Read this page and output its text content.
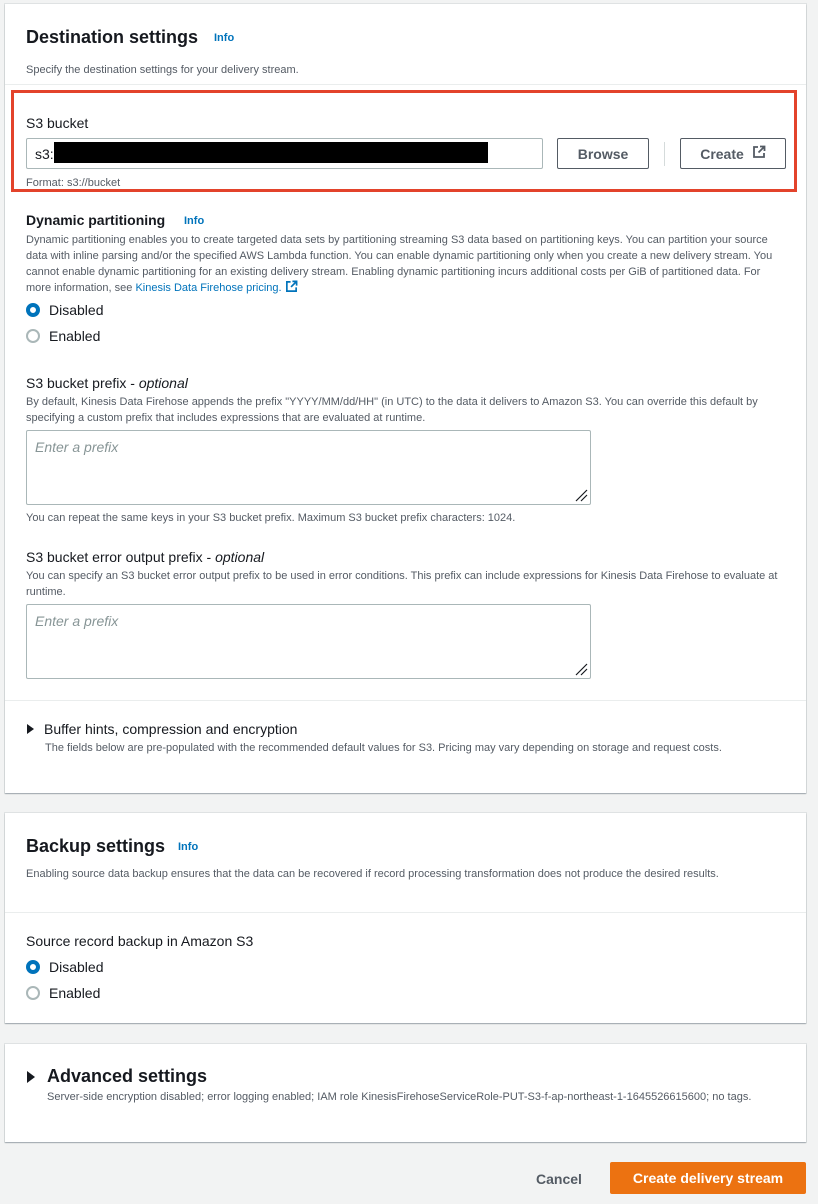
Destination settings Info
Specify the destination settings for your delivery stream.
S3 bucket
s3:	Browse	Create
Format: s3://bucket
Dynamic partitioning Info
Dynamic partitioning enables you to create targeted data sets by partitioning streaming S3 data based on partitioning keys. You can partition your source data with inline parsing and/or the specified AWS Lambda function. You can enable dynamic partitioning only when you create a new delivery stream. You cannot enable dynamic partitioning for an existing delivery stream. Enabling dynamic partitioning incurs additional costs per GiB of partitioned data. For more information, see Kinesis Data Firehose pricing.
Disabled
Enabled
S3 bucket prefix - optional
By default, Kinesis Data Firehose appends the prefix "YYYY/MM/dd/HH" (in UTC) to the data it delivers to Amazon S3. You can override this default by specifying a custom prefix that includes expressions that are evaluated at runtime.
Enter a prefix
You can repeat the same keys in your S3 bucket prefix. Maximum S3 bucket prefix characters: 1024.
S3 bucket error output prefix - optional
You can specify an S3 bucket error output prefix to be used in error conditions. This prefix can include expressions for Kinesis Data Firehose to evaluate at runtime.
Enter a prefix
Buffer hints, compression and encryption
The fields below are pre-populated with the recommended default values for S3. Pricing may vary depending on storage and request costs.
Backup settings Info
Enabling source data backup ensures that the data can be recovered if record processing transformation does not produce the desired results.
Source record backup in Amazon S3
Disabled
Enabled
Advanced settings
Server-side encryption disabled; error logging enabled; IAM role KinesisFirehoseServiceRole-PUT-S3-f-ap-northeast-1-1645526615600; no tags.
Cancel	Create delivery stream
